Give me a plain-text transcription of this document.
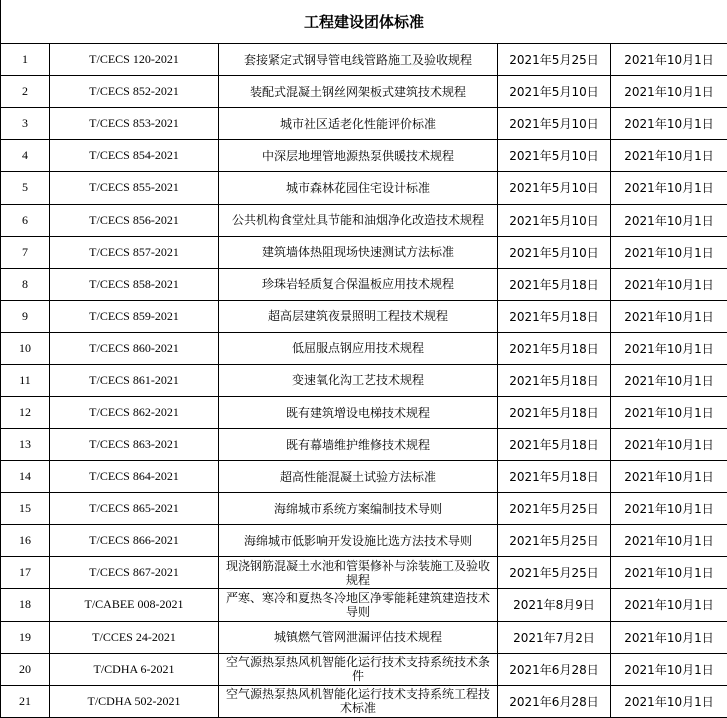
工程建设团体标准				
1	T/CECS 120-2021	套接紧定式钢导管电线管路施工及验收规程	2021年5月25日	2021年10月1日
2	T/CECS 852-2021	装配式混凝土钢丝网架板式建筑技术规程	2021年5月10日	2021年10月1日
3	T/CECS 853-2021	城市社区适老化性能评价标准	2021年5月10日	2021年10月1日
4	T/CECS 854-2021	中深层地埋管地源热泵供暖技术规程	2021年5月10日	2021年10月1日
5	T/CECS 855-2021	城市森林花园住宅设计标准	2021年5月10日	2021年10月1日
6	T/CECS 856-2021	公共机构食堂灶具节能和油烟净化改造技术规程	2021年5月10日	2021年10月1日
7	T/CECS 857-2021	建筑墙体热阻现场快速测试方法标准	2021年5月10日	2021年10月1日
8	T/CECS 858-2021	珍珠岩轻质复合保温板应用技术规程	2021年5月18日	2021年10月1日
9	T/CECS 859-2021	超高层建筑夜景照明工程技术规程	2021年5月18日	2021年10月1日
10	T/CECS 860-2021	低屈服点钢应用技术规程	2021年5月18日	2021年10月1日
11	T/CECS 861-2021	变速氧化沟工艺技术规程	2021年5月18日	2021年10月1日
12	T/CECS 862-2021	既有建筑增设电梯技术规程	2021年5月18日	2021年10月1日
13	T/CECS 863-2021	既有幕墙维护维修技术规程	2021年5月18日	2021年10月1日
14	T/CECS 864-2021	超高性能混凝土试验方法标准	2021年5月18日	2021年10月1日
15	T/CECS 865-2021	海绵城市系统方案编制技术导则	2021年5月25日	2021年10月1日
16	T/CECS 866-2021	海绵城市低影响开发设施比选方法技术导则	2021年5月25日	2021年10月1日
17	T/CECS 867-2021	现浇钢筋混凝土水池和管渠修补与涂装施工及验收规程	2021年5月25日	2021年10月1日
18	T/CABEE 008-2021	严寒、寒冷和夏热冬冷地区净零能耗建筑建造技术导则	2021年8月9日	2021年10月1日
19	T/CCES 24-2021	城镇燃气管网泄漏评估技术规程	2021年7月2日	2021年10月1日
20	T/CDHA 6-2021	空气源热泵热风机智能化运行技术支持系统技术条件	2021年6月28日	2021年10月1日
21	T/CDHA 502-2021	空气源热泵热风机智能化运行技术支持系统工程技术标准	2021年6月28日	2021年10月1日
